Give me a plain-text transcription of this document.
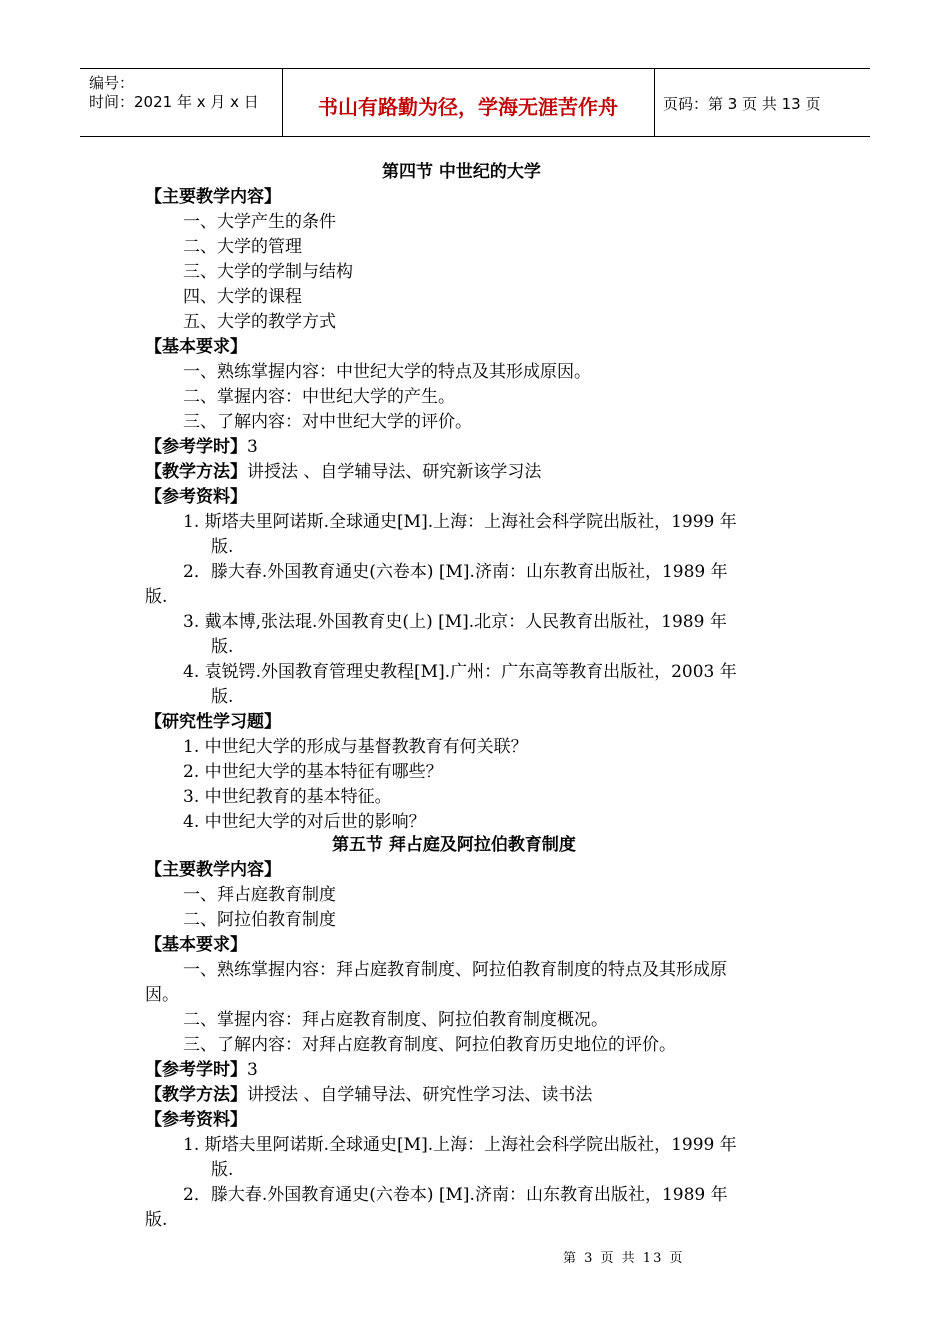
编号：
时间：2021 年 x 月 x 日	书山有路勤为径，学海无涯苦作舟	页码：第 3 页 共 13 页
第四节 中世纪的大学
【主要教学内容】
一、大学产生的条件
二、大学的管理
三、大学的学制与结构
四、大学的课程
五、大学的教学方式
【基本要求】
一、熟练掌握内容：中世纪大学的特点及其形成原因。
二、掌握内容：中世纪大学的产生。
三、了解内容：对中世纪大学的评价。
【参考学时】3
【教学方法】讲授法 、自学辅导法、研究新该学习法
【参考资料】
1. 斯塔夫里阿诺斯.全球通史[M].上海：上海社会科学院出版社，1999 年
版.
2．滕大春.外国教育通史(六卷本) [M].济南：山东教育出版社，1989 年
版.
3. 戴本博,张法琨.外国教育史(上) [M].北京：人民教育出版社，1989 年
版.
4. 袁锐锷.外国教育管理史教程[M].广州：广东高等教育出版社，2003 年
版.
【研究性学习题】
1. 中世纪大学的形成与基督教教育有何关联？
2. 中世纪大学的基本特征有哪些？
3. 中世纪教育的基本特征。
4. 中世纪大学的对后世的影响？
第五节 拜占庭及阿拉伯教育制度
【主要教学内容】
一、拜占庭教育制度
二、阿拉伯教育制度
【基本要求】
一、熟练掌握内容：拜占庭教育制度、阿拉伯教育制度的特点及其形成原
因。
二、掌握内容：拜占庭教育制度、阿拉伯教育制度概况。
三、了解内容：对拜占庭教育制度、阿拉伯教育历史地位的评价。
【参考学时】3
【教学方法】讲授法 、自学辅导法、研究性学习法、读书法
【参考资料】
1. 斯塔夫里阿诺斯.全球通史[M].上海：上海社会科学院出版社，1999 年
版.
2．滕大春.外国教育通史(六卷本) [M].济南：山东教育出版社，1989 年
版.
第 3 页 共 13 页
